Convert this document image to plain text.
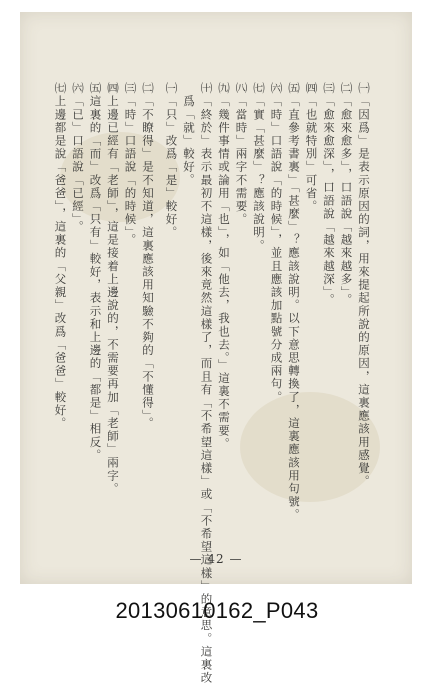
㈠「因爲」是表示原因的詞，用來提起所說的原因，這裏應該用感覺。
㈡「愈來愈多」，口語說「越來越多」。
㈢「愈來愈深」，口語說「越來越深」。
㈣「也就特別」可省。
㈤「直參考書裏」「甚麼」？應該說明。以下意思轉換了，這裏應該用句號。
㈥「時」口語說「的時候」，並且應該加點號分成兩句。
㈦「實「甚麼」？應該說明。
㈧「當時」兩字不需要。
㈨「幾件事情或論用「也」，如「他去，我也去。」這裏不需要。
㈩「終於」表示最初不這樣，後來竟然這樣了，而且有「不希望這樣」或「不希望這樣」的意思。這裏改
爲「就」較好。
㈠「只」改爲「是」較好。
㈡「不瞭得」是不知道，這裏應該用知驗不夠的「不懂得」。
㈢「時」口語說「的時候」。
㈣上邊已經有「老師」，這是接着上邊說的，不需要再加「老師」兩字。
㈤這裏的「而」改爲「只有」較好，表示和上邊的「都是」相反。
㈥「已」口語說「已經」。
㈦上邊都是說「爸爸」，這裏的「父親」改爲「爸爸」較好。
— 42 —
20130610162_P043
